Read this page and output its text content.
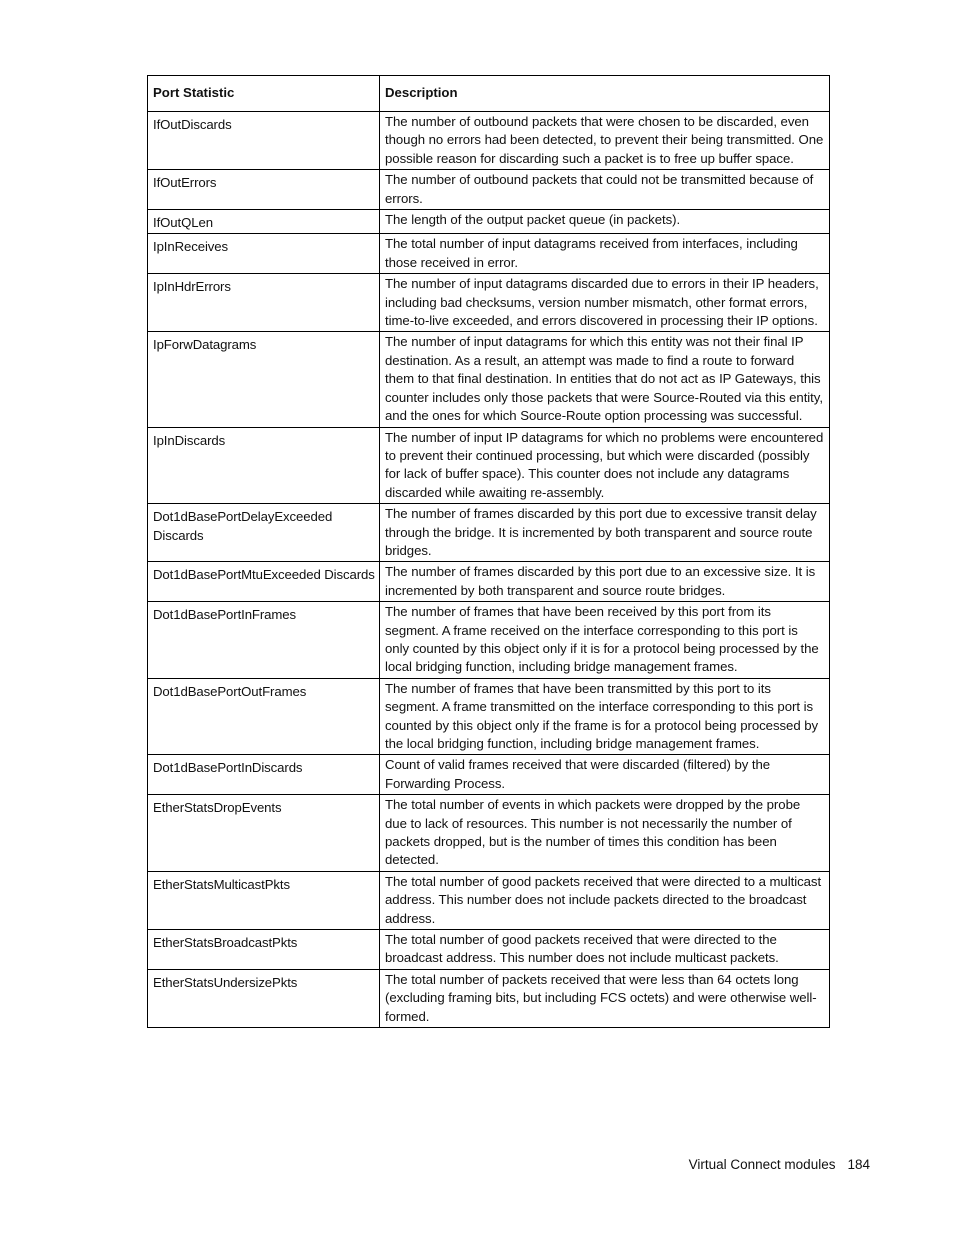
Port Statistic	Description
IfOutDiscards	The number of outbound packets that were chosen to be discarded, even though no errors had been detected, to prevent their being transmitted. One possible reason for discarding such a packet is to free up buffer space.
IfOutErrors	The number of outbound packets that could not be transmitted because of errors.
IfOutQLen	The length of the output packet queue (in packets).
IpInReceives	The total number of input datagrams received from interfaces, including those received in error.
IpInHdrErrors	The number of input datagrams discarded due to errors in their IP headers, including bad checksums, version number mismatch, other format errors, time-to-live exceeded, and errors discovered in processing their IP options.
IpForwDatagrams	The number of input datagrams for which this entity was not their final IP destination. As a result, an attempt was made to find a route to forward them to that final destination. In entities that do not act as IP Gateways, this counter includes only those packets that were Source-Routed via this entity, and the ones for which Source-Route option processing was successful.
IpInDiscards	The number of input IP datagrams for which no problems were encountered to prevent their continued processing, but which were discarded (possibly for lack of buffer space). This counter does not include any datagrams discarded while awaiting re-assembly.
Dot1dBasePortDelayExceeded Discards	The number of frames discarded by this port due to excessive transit delay through the bridge. It is incremented by both transparent and source route bridges.
Dot1dBasePortMtuExceeded Discards	The number of frames discarded by this port due to an excessive size. It is incremented by both transparent and source route bridges.
Dot1dBasePortInFrames	The number of frames that have been received by this port from its segment. A frame received on the interface corresponding to this port is only counted by this object only if it is for a protocol being processed by the local bridging function, including bridge management frames.
Dot1dBasePortOutFrames	The number of frames that have been transmitted by this port to its segment. A frame transmitted on the interface corresponding to this port is counted by this object only if the frame is for a protocol being processed by the local bridging function, including bridge management frames.
Dot1dBasePortInDiscards	Count of valid frames received that were discarded (filtered) by the Forwarding Process.
EtherStatsDropEvents	The total number of events in which packets were dropped by the probe due to lack of resources. This number is not necessarily the number of packets dropped, but is the number of times this condition has been detected.
EtherStatsMulticastPkts	The total number of good packets received that were directed to a multicast address. This number does not include packets directed to the broadcast address.
EtherStatsBroadcastPkts	The total number of good packets received that were directed to the broadcast address. This number does not include multicast packets.
EtherStatsUndersizePkts	The total number of packets received that were less than 64 octets long (excluding framing bits, but including FCS octets) and were otherwise well-formed.
Virtual Connect modules 184
